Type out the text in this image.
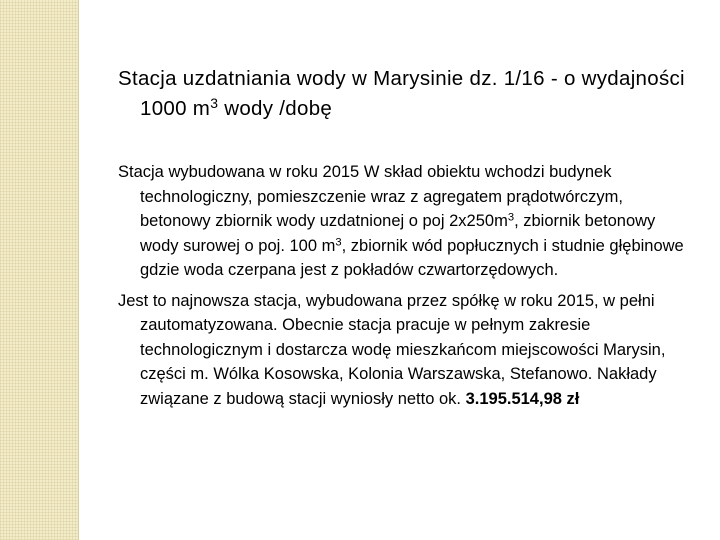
Stacja uzdatniania wody w Marysinie dz. 1/16 - o wydajności 1000 $m^3$ wody /dobę

Stacja wybudowana w roku 2015 W skład obiektu wchodzi budynek technologiczny, pomieszczenie wraz z agregatem prądotwórczym, betonowy zbiornik wody uzdatnionej o poj $2x250m^3$, zbiornik betonowy wody surowej o poj. 100 $m^3$, zbiornik wód popłucznych i studnie głębinowe gdzie woda czerpana jest z pokładów czwartorzędowych.

Jest to najnowsza stacja, wybudowana przez spółkę w roku 2015, w pełni zautomatyzowana. Obecnie stacja pracuje w pełnym zakresie technologicznym i dostarcza wodę mieszkańcom miejscowości Marysin, części m. Wólka Kosowska, Kolonia Warszawska, Stefanowo. Nakłady związane z budową stacji wyniosły netto ok. 3.195.514,98 zł
